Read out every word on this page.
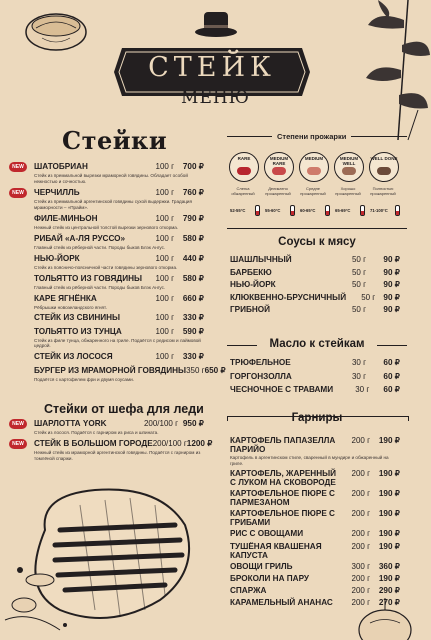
СТЕЙК
МЕНЮ
Стейки
ШАТОБРИАН	100 г	700 ₽
Стейк из премиальной вырезки мраморной говядины. Обладает особой нежностью и сочностью.
NEW
ЧЕРЧИЛЛЬ	100 г	760 ₽
Стейк из премиальной аргентинской говядины сухой выдержки. Градация мраморности – «Прайм».
NEW
ФИЛЕ-МИНЬОН	100 г	790 ₽
Нежный стейк из центральной толстой вырезки зернового откорма.
РИБАЙ «А-ЛЯ РУССО»	100 г	580 ₽
Главный стейк из рёберной части. Породы быков Блэк Ангус.
НЬЮ-ЙОРК	100 г	440 ₽
Стейк из поясничо-поясничной части говядины зернового откорма.
ТОЛЬЯТТО ИЗ ГОВЯДИНЫ	100 г	580 ₽
Главный стейк из рёберной части. Породы быков Блэк Ангус.
КАРЕ ЯГНЁНКА	100 г	660 ₽
Рёбрышки новозеландского ягнят.
СТЕЙК ИЗ СВИНИНЫ	100 г	330 ₽
ТОЛЬЯТТО ИЗ ТУНЦА	100 г	590 ₽
Стейк из филе тунца, обжаренного на гриле. Подаётся с редисом и лаймовой цедрой.
СТЕЙК ИЗ ЛОСОСЯ	100 г	330 ₽
БУРГЕР ИЗ МРАМОРНОЙ ГОВЯДИНЫ 350 г 650 ₽
Подаётся с картофелем фри и двумя соусами.
Стейки от шефа для леди
ШАРЛОТТА YORK	200/100 г 950 ₽
Стейк из лосося. Подаётся с гарниром из риса и шпината.
NEW
СТЕЙК В БОЛЬШОМ ГОРОДЕ 200/100 г 1200 ₽
Нежный стейк из мраморной аргентинской говядины. Подаётся с гарниром из томлёной спаржи.
NEW
Степени прожарки
RARE
Слегка обжаренный
52-55°C
MEDIUM RARE
Деликатно прожаренный
55-60°C
MEDIUM
Средне прожаренный
60-65°C
MEDIUM WELL
Хорошо прожаренный
65-69°C
WELL DONE
Полностью прожаренный
71-100°C
Соусы к мясу
ШАШЛЫЧНЫЙ	50 г	90 ₽
БАРБЕКЮ	50 г	90 ₽
НЬЮ-ЙОРК	50 г	90 ₽
КЛЮКВЕННО-БРУСНИЧНЫЙ	50 г 90 ₽
ГРИБНОЙ	50 г	90 ₽
Масло к стейкам
ТРЮФЕЛЬНОЕ	30 г	60 ₽
ГОРГОНЗОЛЛА	30 г	60 ₽
ЧЕСНОЧНОЕ С ТРАВАМИ	30 г	60 ₽
Гарниры
КАРТОФЕЛЬ ПАПАЗЕЛЛА ПАРИЙО
200 г	190 ₽
Картофель в аргентинском стиле, сваренный в мундире и обжаренный на гриле.
КАРТОФЕЛЬ, ЖАРЕННЫЙ С ЛУКОМ НА СКОВОРОДЕ
200 г	190 ₽
КАРТОФЕЛЬНОЕ ПЮРЕ С ПАРМЕЗАНОМ
200 г	190 ₽
КАРТОФЕЛЬНОЕ ПЮРЕ С ГРИБАМИ
200 г	190 ₽
РИС С ОВОЩАМИ	200 г	190 ₽
ТУШЁНАЯ КВАШЕНАЯ КАПУСТА
200 г	190 ₽
ОВОЩИ ГРИЛЬ	300 г	360 ₽
БРОКОЛИ НА ПАРУ	200 г	190 ₽
СПАРЖА	200 г	290 ₽
КАРАМЕЛЬНЫЙ АНАНАС	200 г	270 ₽
